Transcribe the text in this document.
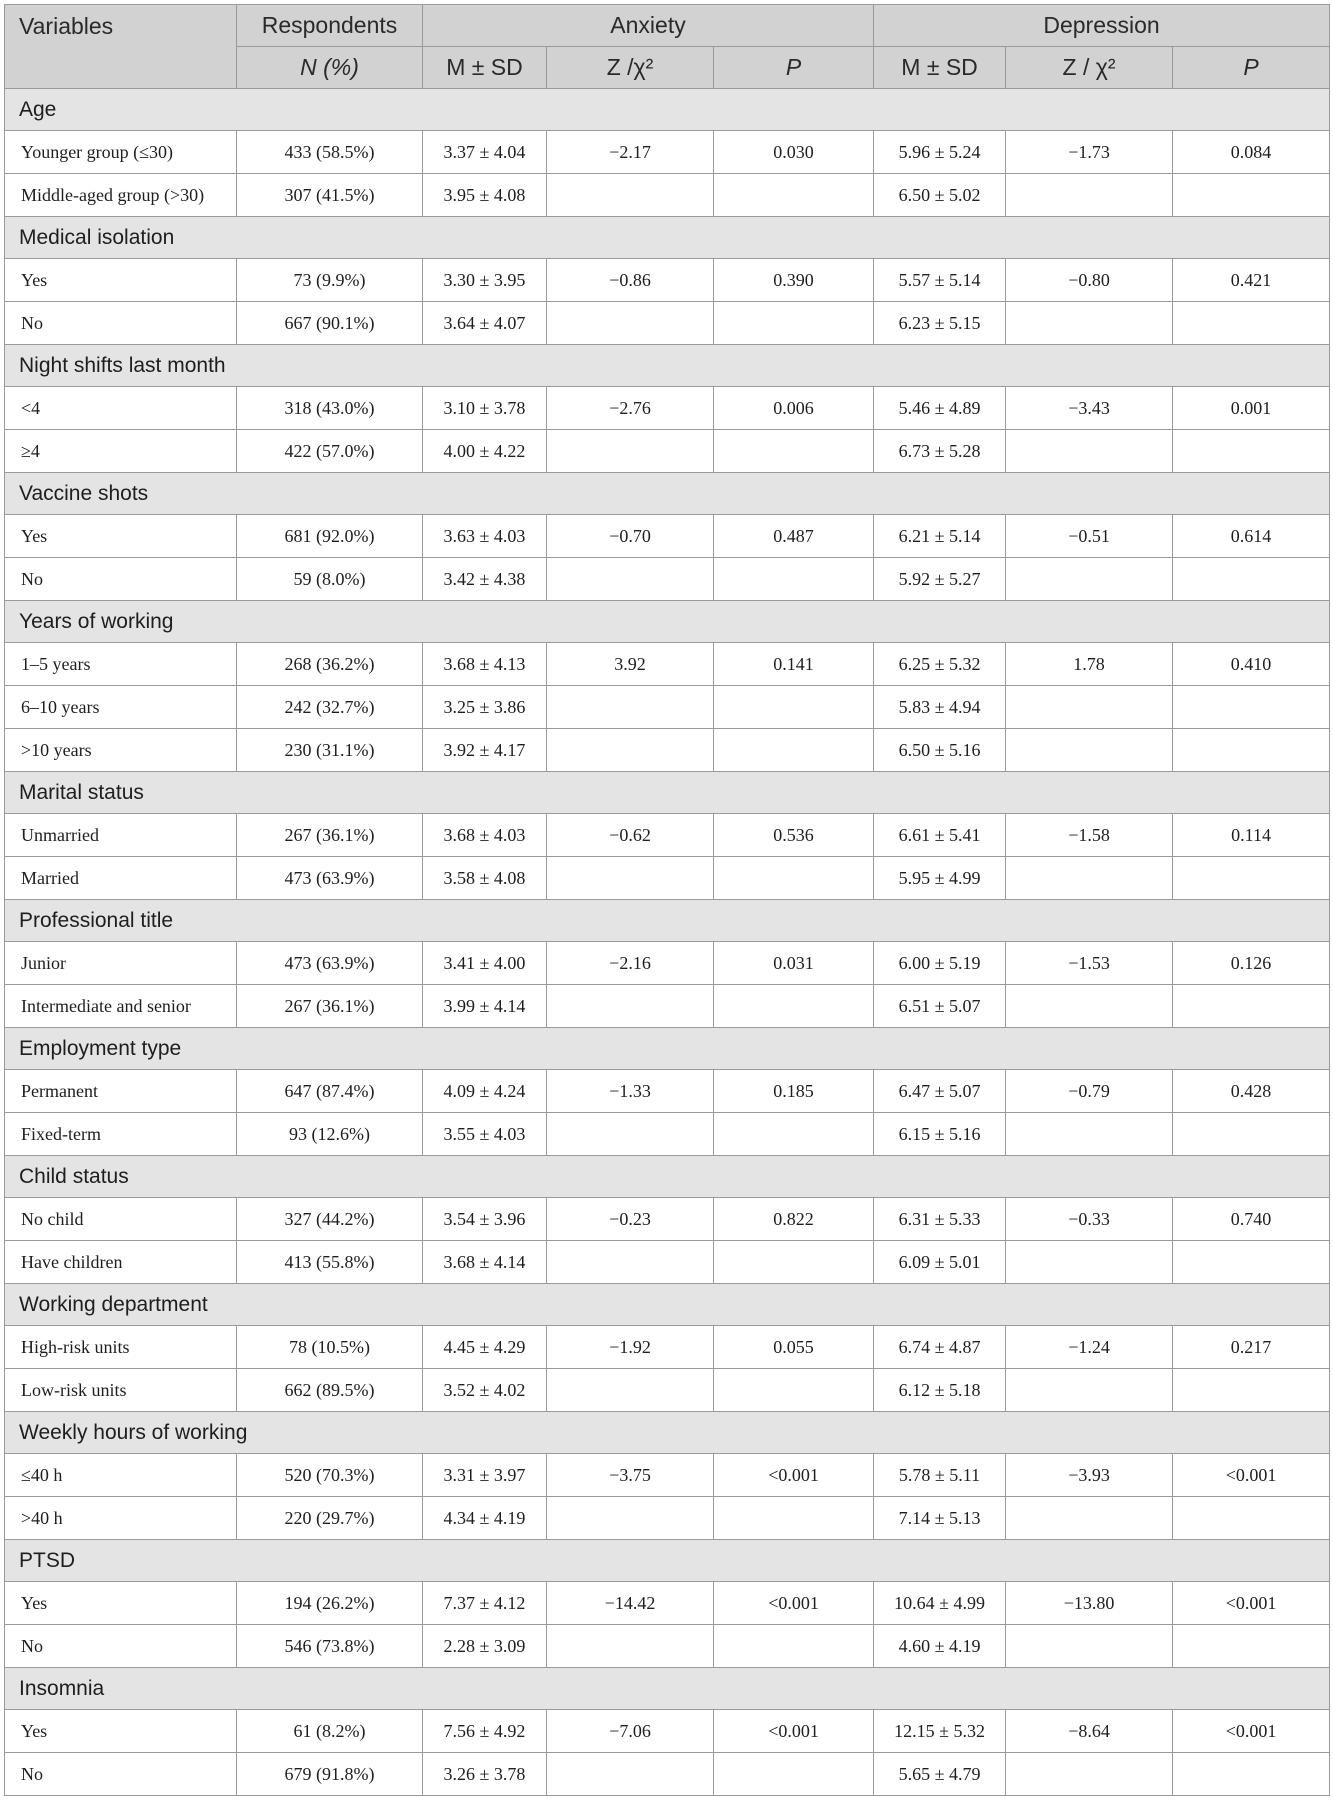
Variables	Respondents	Anxiety			Depression		
	N (%)	M ± SD	Z /χ²	P	M ± SD	Z / χ²	P
Age							
Younger group (≤30)	433 (58.5%)	3.37 ± 4.04	−2.17	0.030	5.96 ± 5.24	−1.73	0.084
Middle-aged group (>30)	307 (41.5%)	3.95 ± 4.08			6.50 ± 5.02		
Medical isolation							
Yes	73 (9.9%)	3.30 ± 3.95	−0.86	0.390	5.57 ± 5.14	−0.80	0.421
No	667 (90.1%)	3.64 ± 4.07			6.23 ± 5.15		
Night shifts last month							
<4	318 (43.0%)	3.10 ± 3.78	−2.76	0.006	5.46 ± 4.89	−3.43	0.001
≥4	422 (57.0%)	4.00 ± 4.22			6.73 ± 5.28		
Vaccine shots							
Yes	681 (92.0%)	3.63 ± 4.03	−0.70	0.487	6.21 ± 5.14	−0.51	0.614
No	59 (8.0%)	3.42 ± 4.38			5.92 ± 5.27		
Years of working							
1–5 years	268 (36.2%)	3.68 ± 4.13	3.92	0.141	6.25 ± 5.32	1.78	0.410
6–10 years	242 (32.7%)	3.25 ± 3.86			5.83 ± 4.94		
>10 years	230 (31.1%)	3.92 ± 4.17			6.50 ± 5.16		
Marital status							
Unmarried	267 (36.1%)	3.68 ± 4.03	−0.62	0.536	6.61 ± 5.41	−1.58	0.114
Married	473 (63.9%)	3.58 ± 4.08			5.95 ± 4.99		
Professional title							
Junior	473 (63.9%)	3.41 ± 4.00	−2.16	0.031	6.00 ± 5.19	−1.53	0.126
Intermediate and senior	267 (36.1%)	3.99 ± 4.14			6.51 ± 5.07		
Employment type							
Permanent	647 (87.4%)	4.09 ± 4.24	−1.33	0.185	6.47 ± 5.07	−0.79	0.428
Fixed-term	93 (12.6%)	3.55 ± 4.03			6.15 ± 5.16		
Child status							
No child	327 (44.2%)	3.54 ± 3.96	−0.23	0.822	6.31 ± 5.33	−0.33	0.740
Have children	413 (55.8%)	3.68 ± 4.14			6.09 ± 5.01		
Working department							
High-risk units	78 (10.5%)	4.45 ± 4.29	−1.92	0.055	6.74 ± 4.87	−1.24	0.217
Low-risk units	662 (89.5%)	3.52 ± 4.02			6.12 ± 5.18		
Weekly hours of working							
≤40 h	520 (70.3%)	3.31 ± 3.97	−3.75	<0.001	5.78 ± 5.11	−3.93	<0.001
>40 h	220 (29.7%)	4.34 ± 4.19			7.14 ± 5.13		
PTSD							
Yes	194 (26.2%)	7.37 ± 4.12	−14.42	<0.001	10.64 ± 4.99	−13.80	<0.001
No	546 (73.8%)	2.28 ± 3.09			4.60 ± 4.19		
Insomnia							
Yes	61 (8.2%)	7.56 ± 4.92	−7.06	<0.001	12.15 ± 5.32	−8.64	<0.001
No	679 (91.8%)	3.26 ± 3.78			5.65 ± 4.79		
